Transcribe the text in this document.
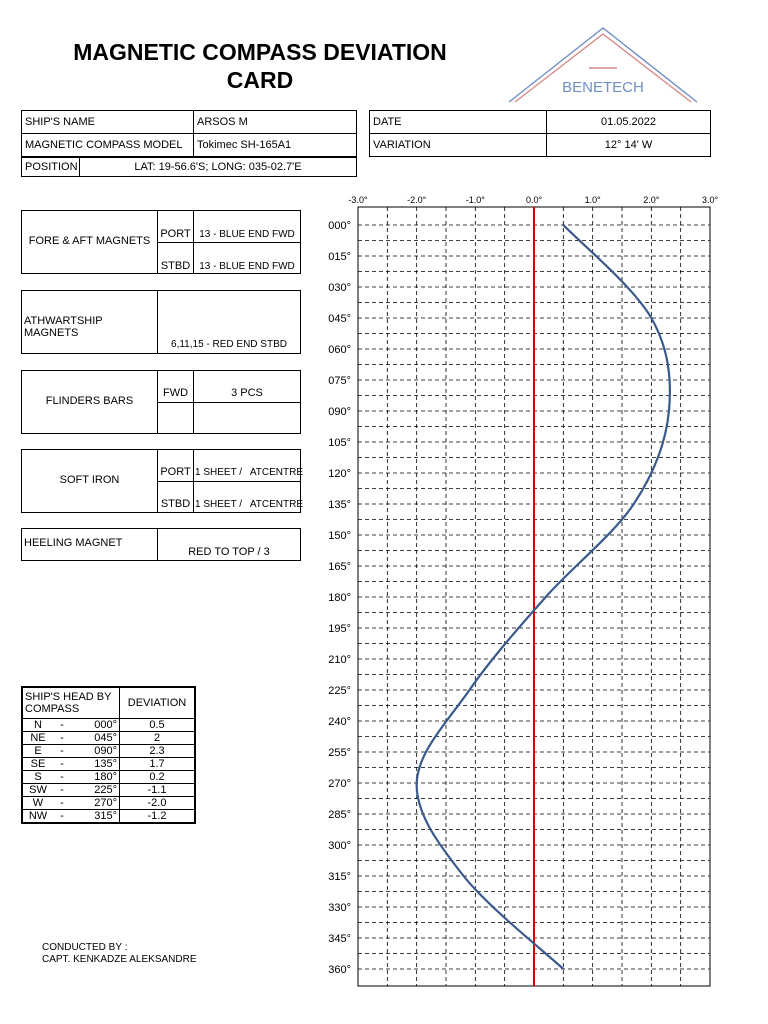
MAGNETIC COMPASS DEVIATION
CARD	BENETECH
SHIP'S NAME	ARSOS M
MAGNETIC COMPASS MODEL	Tokimec SH-165A1
POSITION	LAT: 19-56.6'S; LONG: 035-02.7'E
DATE	01.05.2022
VARIATION	12° 14' W
FORE & AFT MAGNETS
PORT 13 - BLUE END FWD
STBD 13 - BLUE END FWD
ATHWARTSHIP MAGNETS
6,11,15 - RED END STBD
FLINDERS BARS
FWD	3 PCS
SOFT IRON
PORT 1 SHEET /   ATCENTRE
STBD 1 SHEET /   ATCENTRE
HEELING MAGNET
RED TO TOP / 3
SHIP'S HEAD BY COMPASS			DEVIATION
N	-	000°	0.5
NE	-	045°	2
E	-	090°	2.3
SE	-	135°	1.7
S	-	180°	0.2
SW	-	225°	-1.1
W	-	270°	-2.0
NW	-	315°	-1.2
-3.0°	-2.0°	-1.0°	0.0°	1.0°	2.0°	3.0°
000°
015°
030°
045°
060°
075°
090°
105°
120°
135°
150°
165°
180°
195°
210°
225°
240°
255°
270°
285°
300°
315°
330°
345°
360°
CONDUCTED BY :
CAPT. KENKADZE ALEKSANDRE
